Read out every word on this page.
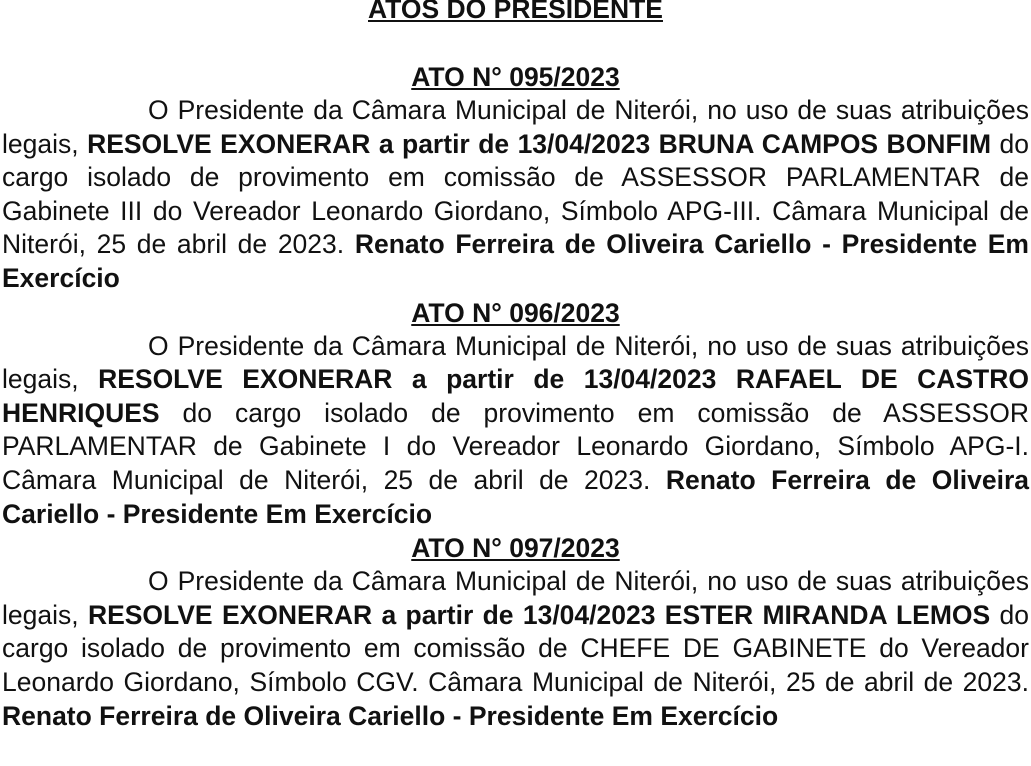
ATOS DO PRESIDENTE
ATO N° 095/2023

O Presidente da Câmara Municipal de Niterói, no uso de suas atribuições legais, RESOLVE EXONERAR a partir de 13/04/2023 BRUNA CAMPOS BONFIM do cargo isolado de provimento em comissão de ASSESSOR PARLAMENTAR de Gabinete III do Vereador Leonardo Giordano, Símbolo APG-III. Câmara Municipal de Niterói, 25 de abril de 2023. Renato Ferreira de Oliveira Cariello - Presidente Em Exercício

ATO N° 096/2023

O Presidente da Câmara Municipal de Niterói, no uso de suas atribuições legais, RESOLVE EXONERAR a partir de 13/04/2023 RAFAEL DE CASTRO HENRIQUES do cargo isolado de provimento em comissão de ASSESSOR PARLAMENTAR de Gabinete I do Vereador Leonardo Giordano, Símbolo APG-I. Câmara Municipal de Niterói, 25 de abril de 2023. Renato Ferreira de Oliveira Cariello - Presidente Em Exercício

ATO N° 097/2023

O Presidente da Câmara Municipal de Niterói, no uso de suas atribuições legais, RESOLVE EXONERAR a partir de 13/04/2023 ESTER MIRANDA LEMOS do cargo isolado de provimento em comissão de CHEFE DE GABINETE do Vereador Leonardo Giordano, Símbolo CGV. Câmara Municipal de Niterói, 25 de abril de 2023. Renato Ferreira de Oliveira Cariello - Presidente Em Exercício
